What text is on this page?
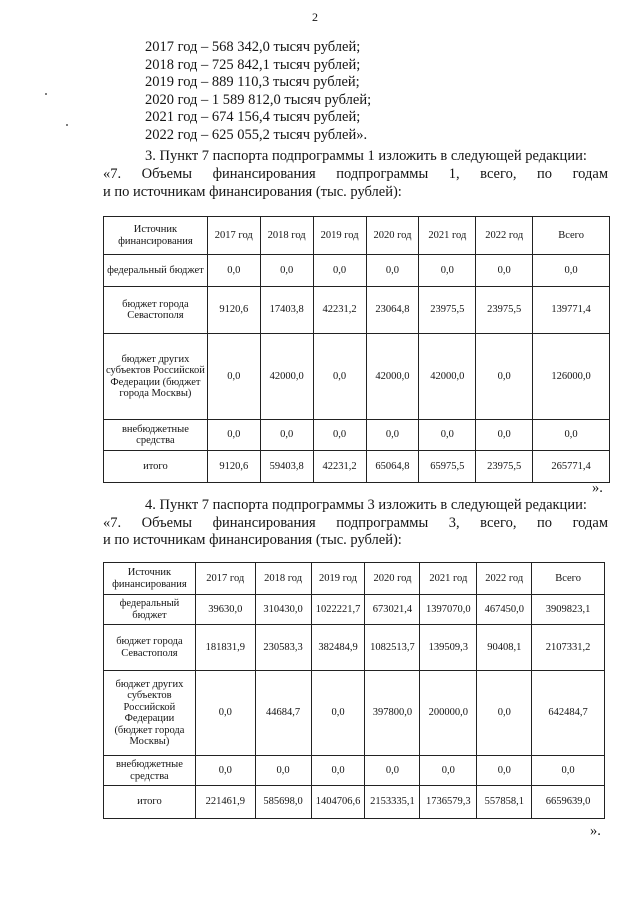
2
2017 год – 568 342,0 тысяч рублей;
2018 год – 725 842,1 тысяч рублей;
2019 год – 889 110,3 тысяч рублей;
2020 год – 1 589 812,0 тысяч рублей;
2021 год – 674 156,4 тысяч рублей;
2022 год – 625 055,2 тысяч рублей».
3. Пункт 7 паспорта подпрограммы 1 изложить в следующей редакции:
«7. Объемы финансирования подпрограммы 1, всего, по годам
и по источникам финансирования (тыс. рублей):
Источник финансирования	2017 год	2018 год	2019 год	2020 год	2021 год	2022 год	Всего
федеральный бюджет	0,0	0,0	0,0	0,0	0,0	0,0	0,0
бюджет города Севастополя	9120,6	17403,8	42231,2	23064,8	23975,5	23975,5	139771,4
бюджет других субъектов Российской Федерации (бюджет города Москвы)	0,0	42000,0	0,0	42000,0	42000,0	0,0	126000,0
внебюджетные средства	0,0	0,0	0,0	0,0	0,0	0,0	0,0
итого	9120,6	59403,8	42231,2	65064,8	65975,5	23975,5	265771,4
».
4. Пункт 7 паспорта подпрограммы 3 изложить в следующей редакции:
«7. Объемы финансирования подпрограммы 3, всего, по годам
и по источникам финансирования (тыс. рублей):
Источник финансирования	2017 год	2018 год	2019 год	2020 год	2021 год	2022 год	Всего
федеральный бюджет	39630,0	310430,0	1022221,7	673021,4	1397070,0	467450,0	3909823,1
бюджет города Севастополя	181831,9	230583,3	382484,9	1082513,7	139509,3	90408,1	2107331,2
бюджет других субъектов Российской Федерации (бюджет города Москвы)	0,0	44684,7	0,0	397800,0	200000,0	0,0	642484,7
внебюджетные средства	0,0	0,0	0,0	0,0	0,0	0,0	0,0
итого	221461,9	585698,0	1404706,6	2153335,1	1736579,3	557858,1	6659639,0
».
